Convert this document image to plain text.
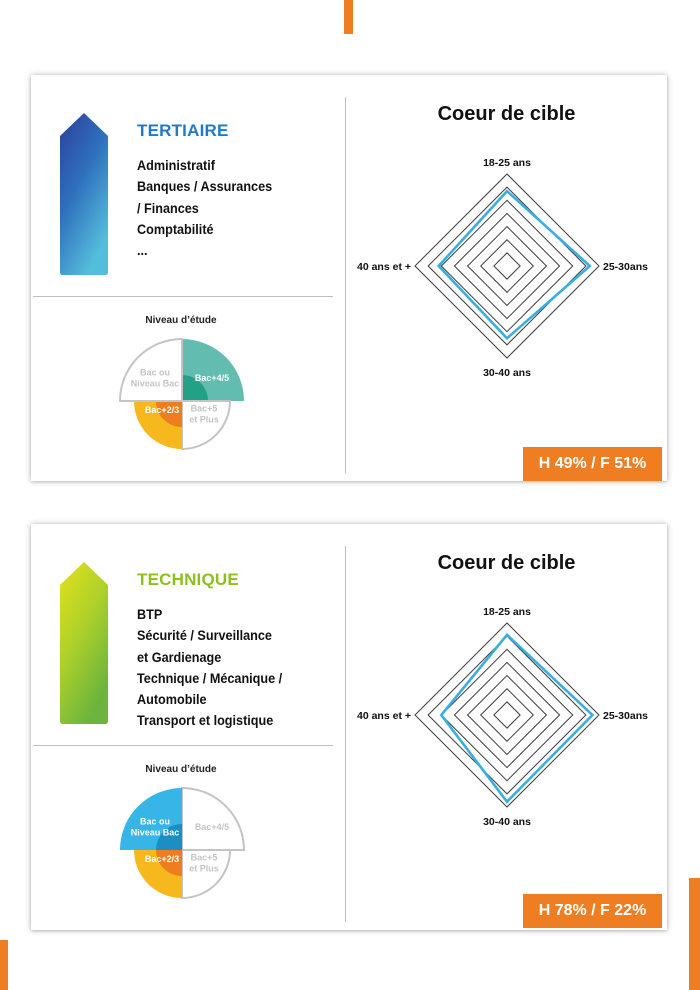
TERTIAIRE
Administratif
Banques / Assurances
/ Finances
Comptabilité
...
Niveau d’étude
Bac+4/5
Bac+5 et Plus
Bac+2/3
Bac ou Niveau Bac
Coeur de cible
18-25 ans
25-30ans
30-40 ans
40 ans et +
H 49% / F 51%
TECHNIQUE
BTP
Sécurité / Surveillance
et Gardienage
Technique / Mécanique /
Automobile
Transport et logistique
Niveau d’étude
Bac+4/5
Bac+5 et Plus
Bac+2/3
Bac ou Niveau Bac
Coeur de cible
18-25 ans
25-30ans
30-40 ans
40 ans et +
H 78% / F 22%
